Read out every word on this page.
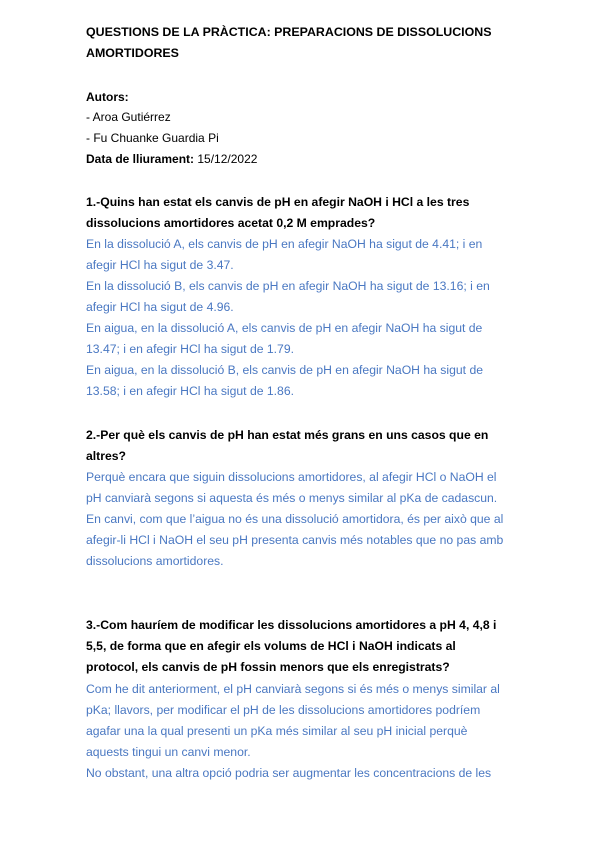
QUESTIONS DE LA PRÀCTICA: PREPARACIONS DE DISSOLUCIONS AMORTIDORES
Autors:
- Aroa Gutiérrez
- Fu Chuanke Guardia Pi
Data de lliurament: 15/12/2022
1.-Quins han estat els canvis de pH en afegir NaOH i HCl a les tres dissolucions amortidores acetat 0,2 M emprades?

En la dissolució A, els canvis de pH en afegir NaOH ha sigut de 4.41; i en afegir HCl ha sigut de 3.47.

En la dissolució B, els canvis de pH en afegir NaOH ha sigut de 13.16; i en afegir HCl ha sigut de 4.96.

En aigua, en la dissolució A, els canvis de pH en afegir NaOH ha sigut de 13.47; i en afegir HCl ha sigut de 1.79.

En aigua, en la dissolució B, els canvis de pH en afegir NaOH ha sigut de 13.58; i en afegir HCl ha sigut de 1.86.

2.-Per què els canvis de pH han estat més grans en uns casos que en altres?

Perquè encara que siguin dissolucions amortidores, al afegir HCl o NaOH el pH canviarà segons si aquesta és més o menys similar al pKa de cadascun.

En canvi, com que l’aigua no és una dissolució amortidora, és per això que al afegir-li HCl i NaOH el seu pH presenta canvis més notables que no pas amb dissolucions amortidores.

3.-Com hauríem de modificar les dissolucions amortidores a pH 4, 4,8 i 5,5, de forma que en afegir els volums de HCl i NaOH indicats al protocol, els canvis de pH fossin menors que els enregistrats?

Com he dit anteriorment, el pH canviarà segons si és més o menys similar al pKa; llavors, per modificar el pH de les dissolucions amortidores podríem agafar una la qual presenti un pKa més similar al seu pH inicial perquè aquests tingui un canvi menor.

No obstant, una altra opció podria ser augmentar les concentracions de les
